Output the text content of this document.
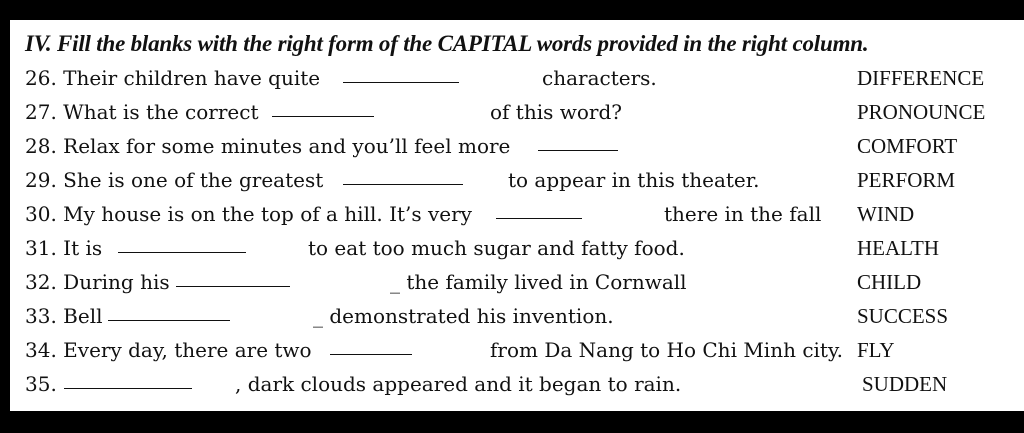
IV. Fill the blanks with the right form of the CAPITAL words provided in the right column.
26. Their children have quite	characters.	DIFFERENCE
27. What is the correct	of this word?	PRONOUNCE
28. Relax for some minutes and you’ll feel more	COMFORT
29. She is one of the greatest	to appear in this theater.	PERFORM
30. My house is on the top of a hill. It’s very	there in the fall WIND
31. It is	to eat too much sugar and fatty food.	HEALTH
32. During his	_ the family lived in Cornwall	CHILD
33. Bell	_ demonstrated his invention.	SUCCESS
34. Every day, there are two	from Da Nang to Ho Chi Minh city. FLY
35.	, dark clouds appeared and it began to rain.	SUDDEN
